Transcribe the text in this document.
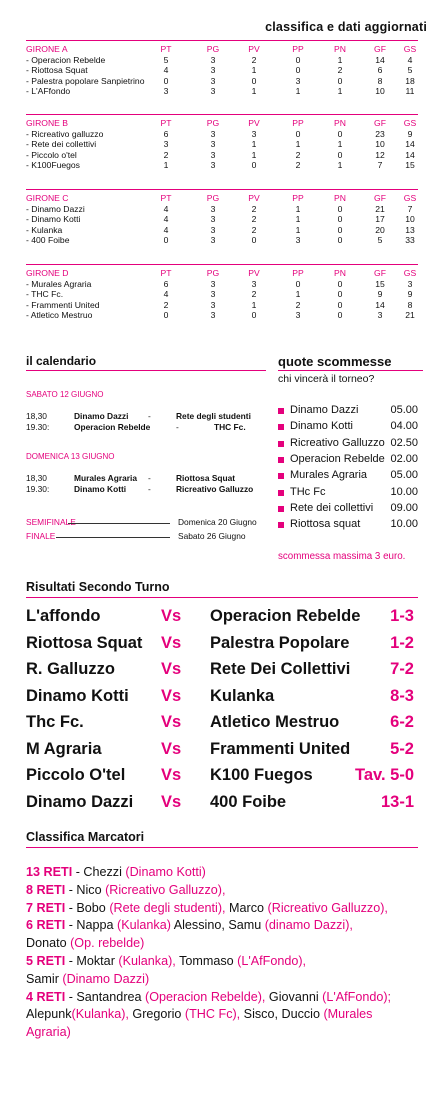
classifica e dati aggiornati
GIRONE A	PT	PG	PV	PP	PN	GF	GS
- Operacion Rebelde	5	3	2	0	1	14	4
- Riottosa Squat	4	3	1	0	2	6	5
- Palestra popolare Sanpietrino	0	3	0	3	0	8	18
- L'AFfondo	3	3	1	1	1	10	11
GIRONE B	PT	PG	PV	PP	PN	GF	GS
- Ricreativo galluzzo	6	3	3	0	0	23	9
- Rete dei collettivi	3	3	1	1	1	10	14
- Piccolo o'tel	2	3	1	2	0	12	14
- K100Fuegos	1	3	0	2	1	7	15
GIRONE C	PT	PG	PV	PP	PN	GF	GS
- Dinamo Dazzi	4	3	2	1	0	21	7
- Dinamo Kotti	4	3	2	1	0	17	10
- Kulanka	4	3	2	1	0	20	13
- 400 Foibe	0	3	0	3	0	5	33
GIRONE D	PT	PG	PV	PP	PN	GF	GS
- Murales Agraria	6	3	3	0	0	15	3
- THC Fc.	4	3	2	1	0	9	9
- Frammenti United	2	3	1	2	0	14	8
- Atletico Mestruo	0	3	0	3	0	3	21
il calendario
SABATO 12 GIUGNO
18,30	Dinamo Dazzi -	Rete degli studenti
19.30:	Operacion Rebelde	-	THC Fc.
DOMENICA 13 GIUGNO
18,30	Murales Agraria -	Riottosa Squat
19.30:	Dinamo Kotti	-	Ricreativo Galluzzo
SEMIFINALE	Domenica 20 Giugno
FINALE	Sabato 26 Giugno
quote scommesse
chi vincerà il torneo?
Dinamo Dazzi	05.00
Dinamo Kotti	04.00
Ricreativo Galluzzo 02.50
Operacion Rebelde 02.00
Murales Agraria 05.00
THc Fc	10.00
Rete dei collettivi 09.00
Riottosa squat	10.00
scommessa massima 3 euro.
Risultati Secondo Turno
L'affondo	Vs Operacion Rebelde 1-3
Riottosa Squat Vs Palestra Popolare 1-2
R. Galluzzo	Vs Rete Dei Collettivi 7-2
Dinamo Kotti Vs Kulanka	8-3
Thc Fc.	Vs Atletico Mestruo	6-2
M Agraria	Vs Frammenti United 5-2
Piccolo O'tel Vs K100 Fuegos	Tav. 5-0
Dinamo Dazzi Vs 400 Foibe	13-1
Classifica Marcatori
13 RETI - Chezzi (Dinamo Kotti)
8 RETI - Nico (Ricreativo Galluzzo),
7 RETI - Bobo (Rete degli studenti), Marco (Ricreativo Galluzzo),
6 RETI - Nappa (Kulanka) Alessino, Samu (dinamo Dazzi),
Donato (Op. rebelde)
5 RETI - Moktar (Kulanka), Tommaso (L'AfFondo),
Samir (Dinamo Dazzi)
4 RETI - Santandrea (Operacion Rebelde), Giovanni (L'AfFondo);
Alepunk(Kulanka), Gregorio (THC Fc), Sisco, Duccio (Murales
Agraria)
